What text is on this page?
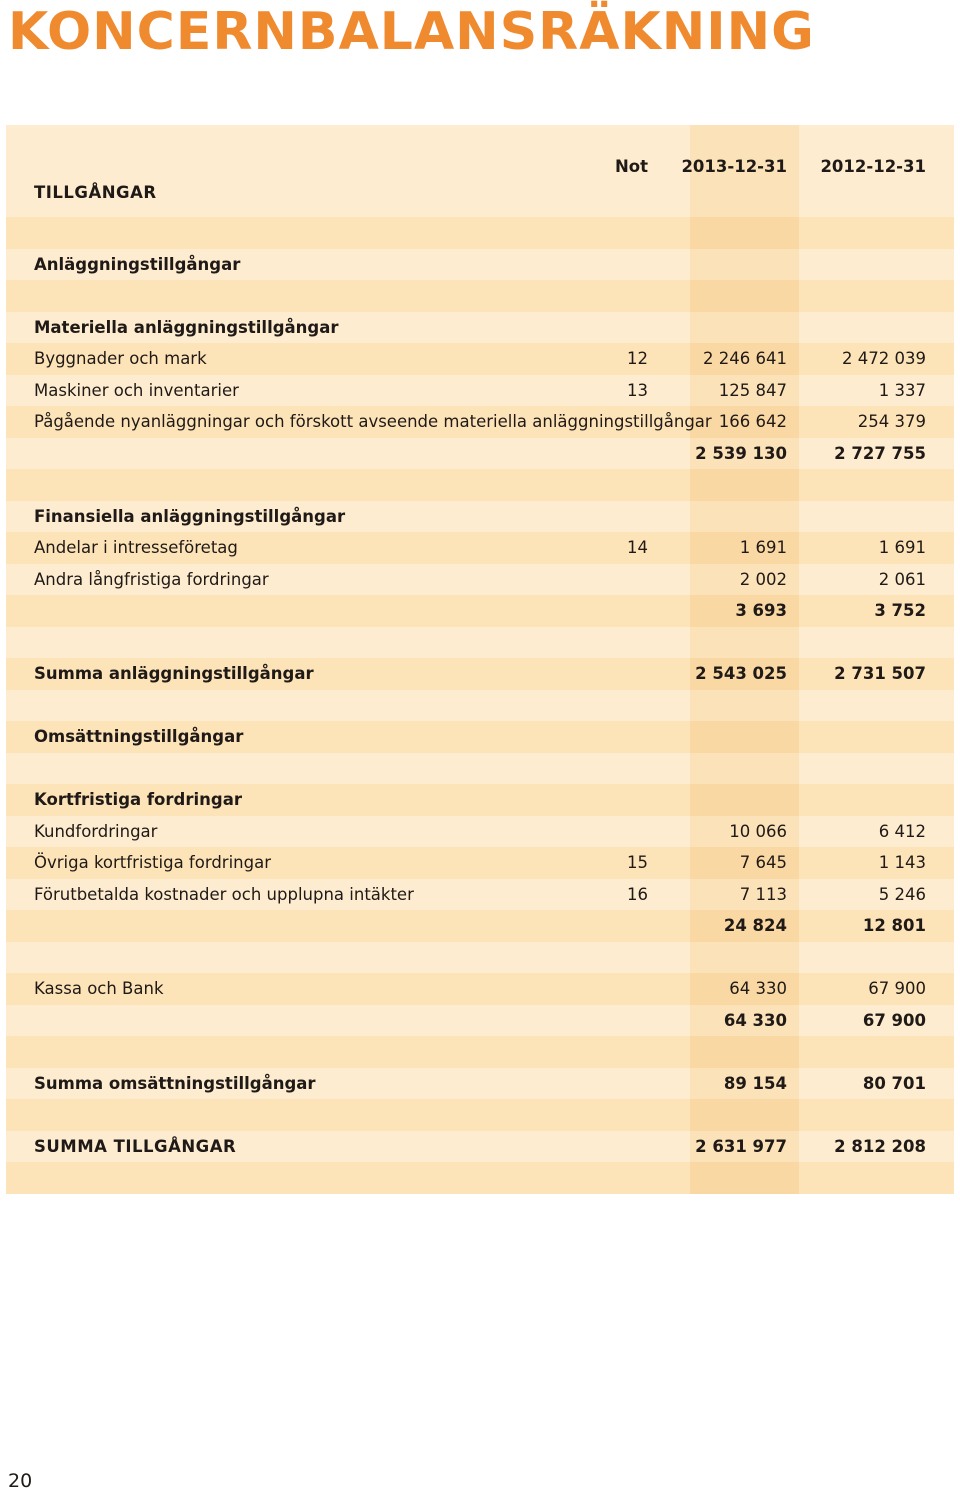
KONCERNBALANSRÄKNING
TILLGÅNGAR
Not 2013-12-31 2012-12-31
Anläggningstillgångar
Materiella anläggningstillgångar
Byggnader och mark	12	2 246 641	2 472 039
Maskiner och inventarier	13	125 847	1 337
Pågående nyanläggningar och förskott avseende materiella anläggningstillgångar 166 642	254 379
2 539 130	2 727 755
Finansiella anläggningstillgångar
Andelar i intresseföretag	14	1 691	1 691
Andra långfristiga fordringar	2 002	2 061
3 693	3 752
Summa anläggningstillgångar	2 543 025	2 731 507
Omsättningstillgångar
Kortfristiga fordringar
Kundfordringar	10 066	6 412
Övriga kortfristiga fordringar	15	7 645	1 143
Förutbetalda kostnader och upplupna intäkter	16	7 113	5 246
24 824	12 801
Kassa och Bank	64 330	67 900
64 330	67 900
Summa omsättningstillgångar	89 154	80 701
SUMMA TILLGÅNGAR	2 631 977	2 812 208
20
